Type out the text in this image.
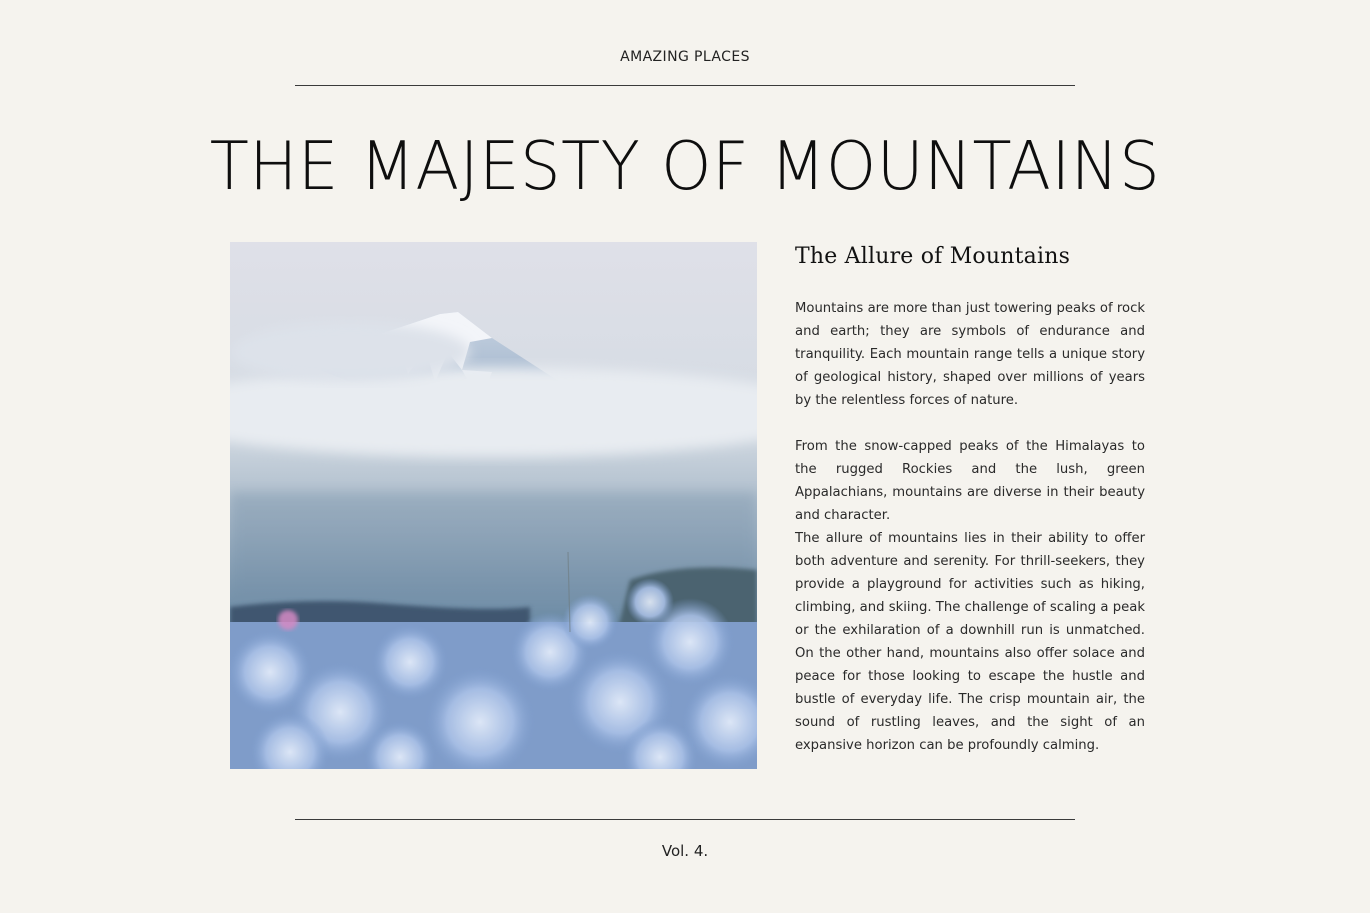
AMAZING PLACES
THE MAJESTY OF MOUNTAINS
The Allure of Mountains
Mountains are more than just towering peaks of rock and earth; they are symbols of endurance and tranquility. Each mountain range tells a unique story of geological history, shaped over millions of years by the relentless forces of nature.
From the snow-capped peaks of the Himalayas to the rugged Rockies and the lush, green Appalachians, mountains are diverse in their beauty and character.
The allure of mountains lies in their ability to offer both adventure and serenity. For thrill-seekers, they provide a playground for activities such as hiking, climbing, and skiing. The challenge of scaling a peak or the exhilaration of a downhill run is unmatched. On the other hand, mountains also offer solace and peace for those looking to escape the hustle and bustle of everyday life. The crisp mountain air, the sound of rustling leaves, and the sight of an expansive horizon can be profoundly calming.
Vol. 4.
